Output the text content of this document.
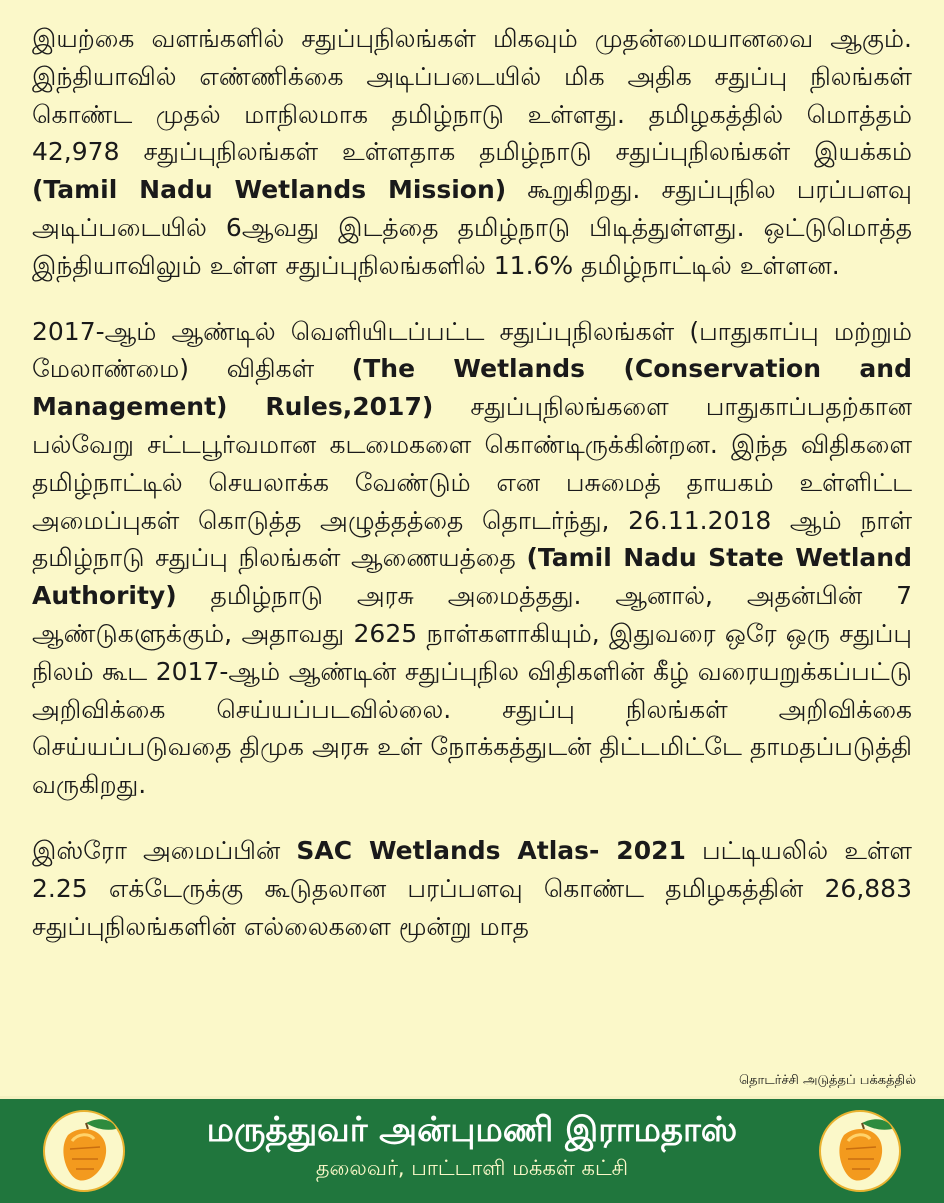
இயற்கை வளங்களில் சதுப்புநிலங்கள் மிகவும் முதன்மையானவை ஆகும். இந்தியாவில் எண்ணிக்கை அடிப்படையில் மிக அதிக சதுப்பு நிலங்கள் கொண்ட முதல் மாநிலமாக தமிழ்நாடு உள்ளது. தமிழகத்தில் மொத்தம் 42,978 சதுப்புநிலங்கள் உள்ளதாக தமிழ்நாடு சதுப்புநிலங்கள் இயக்கம் (Tamil Nadu Wetlands Mission) கூறுகிறது. சதுப்புநில பரப்பளவு அடிப்படையில் 6ஆவது இடத்தை தமிழ்நாடு பிடித்துள்ளது. ஒட்டுமொத்த இந்தியாவிலும் உள்ள சதுப்புநிலங்களில் 11.6% தமிழ்நாட்டில் உள்ளன.

2017-ஆம் ஆண்டில் வெளியிடப்பட்ட சதுப்புநிலங்கள் (பாதுகாப்பு மற்றும் மேலாண்மை) விதிகள் (The Wetlands (Conservation and Management) Rules,2017) சதுப்புநிலங்களை பாதுகாப்பதற்கான பல்வேறு சட்டபூர்வமான கடமைகளை கொண்டிருக்கின்றன. இந்த விதிகளை தமிழ்நாட்டில் செயலாக்க வேண்டும் என பசுமைத் தாயகம் உள்ளிட்ட அமைப்புகள் கொடுத்த அழுத்தத்தை தொடர்ந்து, 26.11.2018 ஆம் நாள் தமிழ்நாடு சதுப்பு நிலங்கள் ஆணையத்தை (Tamil Nadu State Wetland Authority) தமிழ்நாடு அரசு அமைத்தது. ஆனால், அதன்பின் 7 ஆண்டுகளுக்கும், அதாவது 2625 நாள்களாகியும், இதுவரை ஒரே ஒரு சதுப்பு நிலம் கூட 2017-ஆம் ஆண்டின் சதுப்புநில விதிகளின் கீழ் வரையறுக்கப்பட்டு அறிவிக்கை செய்யப்படவில்லை. சதுப்பு நிலங்கள் அறிவிக்கை செய்யப்படுவதை திமுக அரசு உள் நோக்கத்துடன் திட்டமிட்டே தாமதப்படுத்தி வருகிறது.

இஸ்ரோ அமைப்பின் SAC Wetlands Atlas- 2021 பட்டியலில் உள்ள 2.25 எக்டேருக்கு கூடுதலான பரப்பளவு கொண்ட தமிழகத்தின் 26,883 சதுப்புநிலங்களின் எல்லைகளை மூன்று மாத

தொடர்ச்சி அடுத்தப் பக்கத்தில்
மருத்துவர் அன்புமணி இராமதாஸ்
தலைவர், பாட்டாளி மக்கள் கட்சி
